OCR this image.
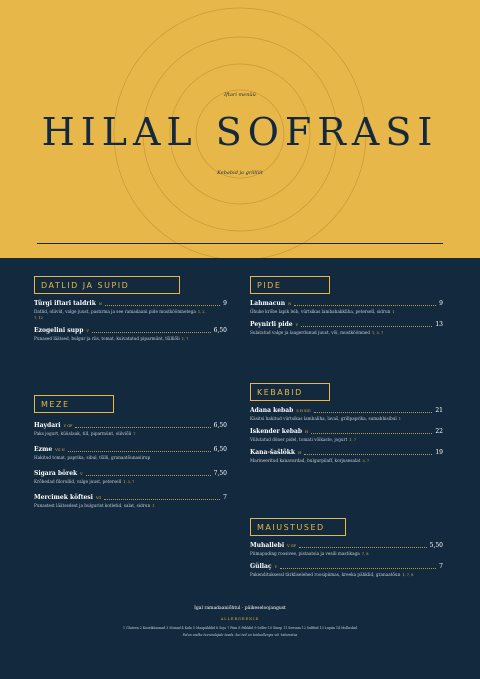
Iftari menüü
HILAL SOFRASI
Kebabid ja grillliit
DATLID JA SUPID
Türgi iftari taldrik N	9
Datlid, oliivid, valge juust, pastırma ja see ramadaani pide mustköömnetega 1, 2, 7, 12
Ezogelini supp V	6,50
Punased läätsed, bulgur ja riis, tomat, kuivatatud piparmünt, tšilliõli 1, 7
MEZE
Haydari V GF	6,50
Paks jogurt, küüslauk, till, piparmünt, oliiviõli 7
Ezme VG N	6,50
Hakitud tomat, paprika, sibul, tšilli, granaatõunasiirup
Sigara börek V	7,50
Krõbedad filorullid, valge juust, petersell 1, 3, 7
Mercimek köftesi VG	7
Punastest läätsedest ja bulgurist kotletid, salat, sidrun 1
PIDE
Lahmacun N	9
Õhuke krõbe lapik leib, vürtsikas lambahakkliha, petersell, sidrun 1
Peynirli pide V	13
Sulatatud valge ja laagerdunud juust, või, mustköömned 1, 3, 7
KEBABID
Adana kebab S H SIG	21
Käsitsi hakitud vürtsikas lambaliha, lavaš, grillpaprika, sumahhisibul 1
Iskender kebab H	22
Viilutatud döner pidel, tomati võikaste, jogurt 1, 7
Kana-šašlõkk H	19
Marineeritud kanavardad, bulgurpilaff, korjusesalat 3, 7
MAIUSTUSED
Muhallebi V GF	5,50
Piimapuding roosivee, pistaatsia ja vesili mastikaga 7, 8
Güllaç V	7
Pakendituksessl tärkliselehed roosipiimas, kreeka pähklid, granaatõun 1, 7, 8
Igal ramadaaniõhtul · päikeseloojangust
ALLERGEENID
1 Gluteen 2 Koorikloomad 3 Munad 4 Kala 5 Maapähklid 6 Soja 7 Piim 8 Pähklid 9 Seller 10 Sinep 11 Seesam 12 Sulfitid 13 Lupiin 14 Molluskid
Palun andke teenindajale teada, kui teil on toiduallergia või -talumatus
